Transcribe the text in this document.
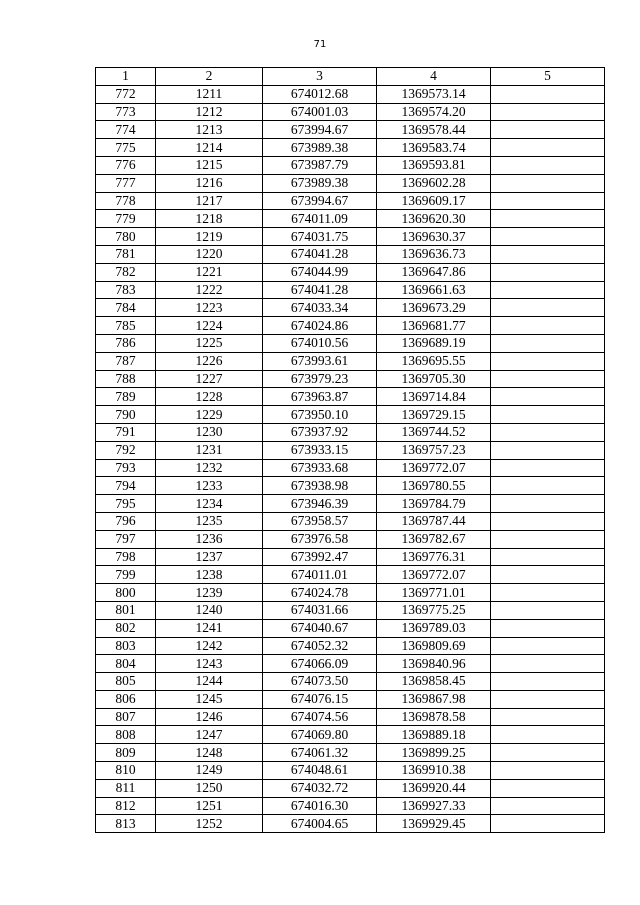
71
1	2	3	4	5
772	1211	674012.68	1369573.14	
773	1212	674001.03	1369574.20	
774	1213	673994.67	1369578.44	
775	1214	673989.38	1369583.74	
776	1215	673987.79	1369593.81	
777	1216	673989.38	1369602.28	
778	1217	673994.67	1369609.17	
779	1218	674011.09	1369620.30	
780	1219	674031.75	1369630.37	
781	1220	674041.28	1369636.73	
782	1221	674044.99	1369647.86	
783	1222	674041.28	1369661.63	
784	1223	674033.34	1369673.29	
785	1224	674024.86	1369681.77	
786	1225	674010.56	1369689.19	
787	1226	673993.61	1369695.55	
788	1227	673979.23	1369705.30	
789	1228	673963.87	1369714.84	
790	1229	673950.10	1369729.15	
791	1230	673937.92	1369744.52	
792	1231	673933.15	1369757.23	
793	1232	673933.68	1369772.07	
794	1233	673938.98	1369780.55	
795	1234	673946.39	1369784.79	
796	1235	673958.57	1369787.44	
797	1236	673976.58	1369782.67	
798	1237	673992.47	1369776.31	
799	1238	674011.01	1369772.07	
800	1239	674024.78	1369771.01	
801	1240	674031.66	1369775.25	
802	1241	674040.67	1369789.03	
803	1242	674052.32	1369809.69	
804	1243	674066.09	1369840.96	
805	1244	674073.50	1369858.45	
806	1245	674076.15	1369867.98	
807	1246	674074.56	1369878.58	
808	1247	674069.80	1369889.18	
809	1248	674061.32	1369899.25	
810	1249	674048.61	1369910.38	
811	1250	674032.72	1369920.44	
812	1251	674016.30	1369927.33	
813	1252	674004.65	1369929.45	
